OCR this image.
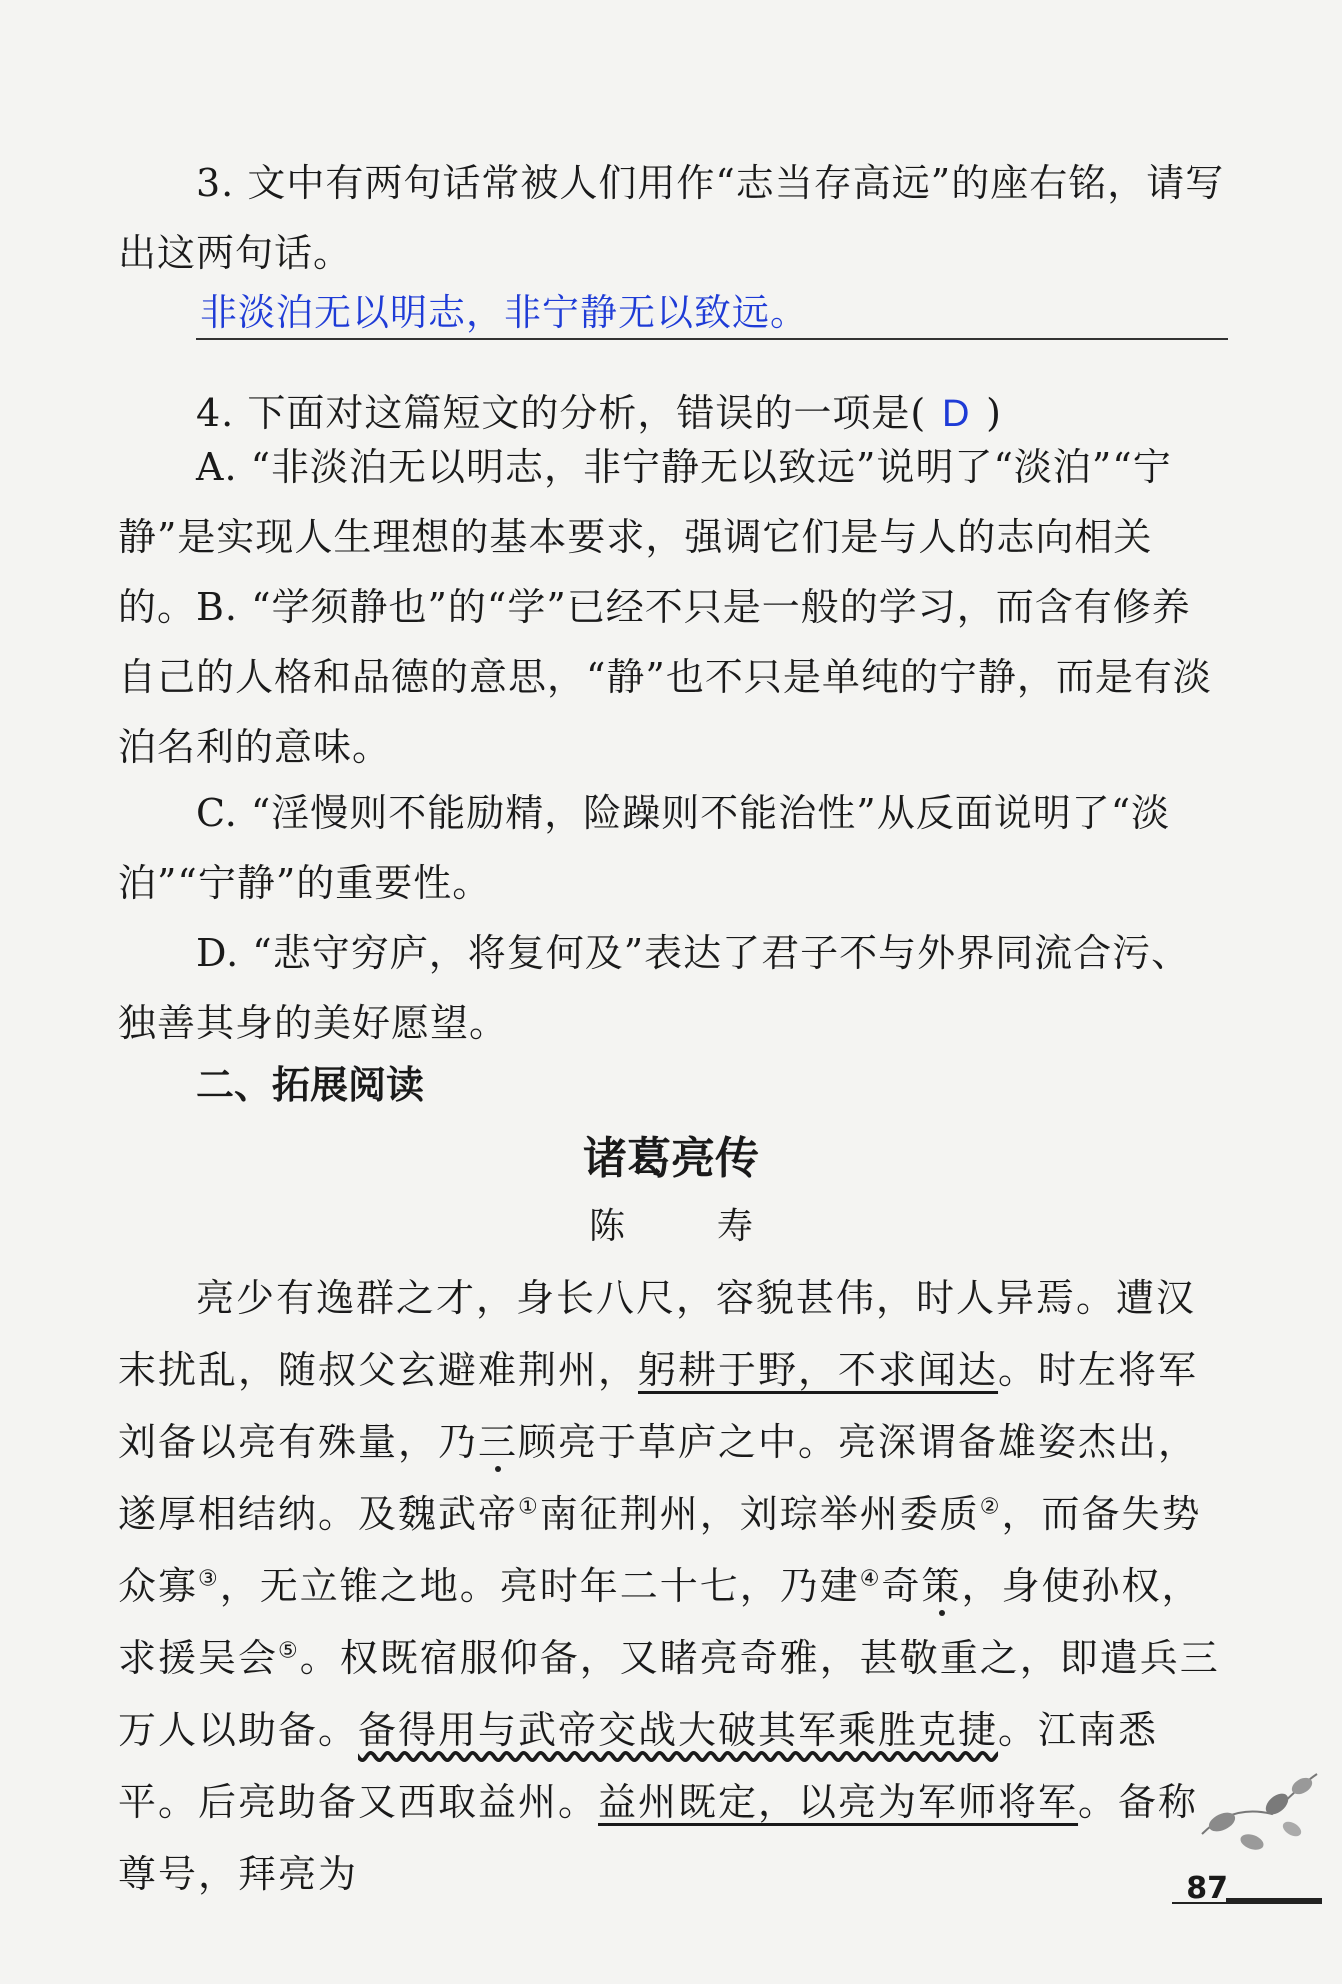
3. 文中有两句话常被人们用作“志当存高远”的座右铭，请写出这两句话。
非淡泊无以明志，非宁静无以致远。
4. 下面对这篇短文的分析，错误的一项是( D )
A. “非淡泊无以明志，非宁静无以致远”说明了“淡泊”“宁静”是实现人生理想的基本要求，强调它们是与人的志向相关的。 B. “学须静也”的“学”已经不只是一般的学习，而含有修养自己的人格和品德的意思，“静”也不只是单纯的宁静，而是有淡泊名利的意味。
C. “淫慢则不能励精，险躁则不能治性”从反面说明了“淡泊”“宁静”的重要性。
D. “悲守穷庐，将复何及”表达了君子不与外界同流合污、独善其身的美好愿望。
二、拓展阅读
诸葛亮传
陈　寿
亮少有逸群之才，身长八尺，容貌甚伟，时人异焉。遭汉末扰乱，随叔父玄避难荆州，躬耕于野，不求闻达。时左将军刘备以亮有殊量，乃三顾亮于草庐之中。亮深谓备雄姿杰出，遂厚相结纳。及魏武帝①南征荆州，刘琮举州委质②，而备失势众寡③，无立锥之地。亮时年二十七，乃建④奇策，身使孙权，求援吴会⑤。权既宿服仰备，又睹亮奇雅，甚敬重之，即遣兵三万人以助备。备得用与武帝交战大破其军乘胜克捷。江南悉平。后亮助备又西取益州。益州既定，以亮为军师将军。备称尊号，拜亮为	87
